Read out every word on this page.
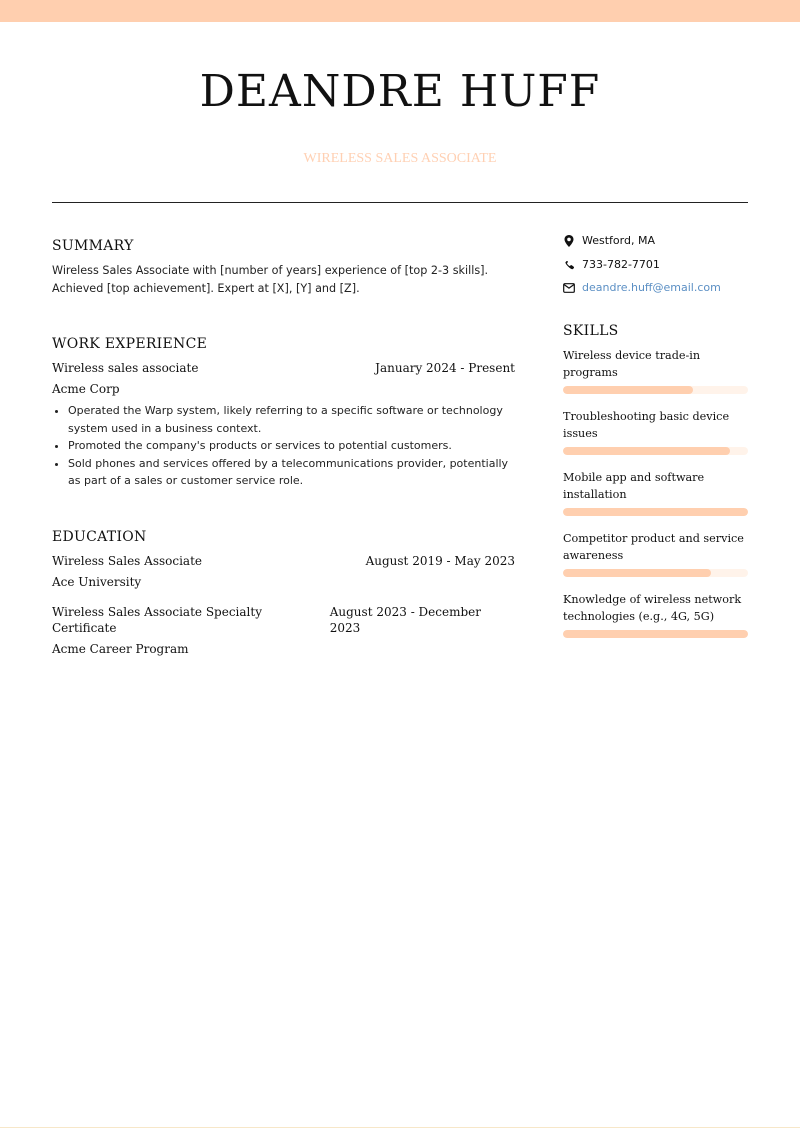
DEANDRE HUFF
WIRELESS SALES ASSOCIATE
SUMMARY

Wireless Sales Associate with [number of years] experience of [top 2-3 skills]. Achieved [top achievement]. Expert at [X], [Y] and [Z].

WORK EXPERIENCE
Wireless sales associate	January 2024 - Present
Acme Corp
• Operated the Warp system, likely referring to a specific software or technology system used in a business context.
• Promoted the company's products or services to potential customers.
• Sold phones and services offered by a telecommunications provider, potentially as part of a sales or customer service role.
EDUCATION
Wireless Sales Associate	August 2019 - May 2023
Ace University
Wireless Sales Associate Specialty Certificate
August 2023 - December 2023
Acme Career Program
Westford, MA
733-782-7701
deandre.huff@email.com
SKILLS
Wireless device trade-in programs
Troubleshooting basic device issues
Mobile app and software installation
Competitor product and service awareness
Knowledge of wireless network technologies (e.g., 4G, 5G)
